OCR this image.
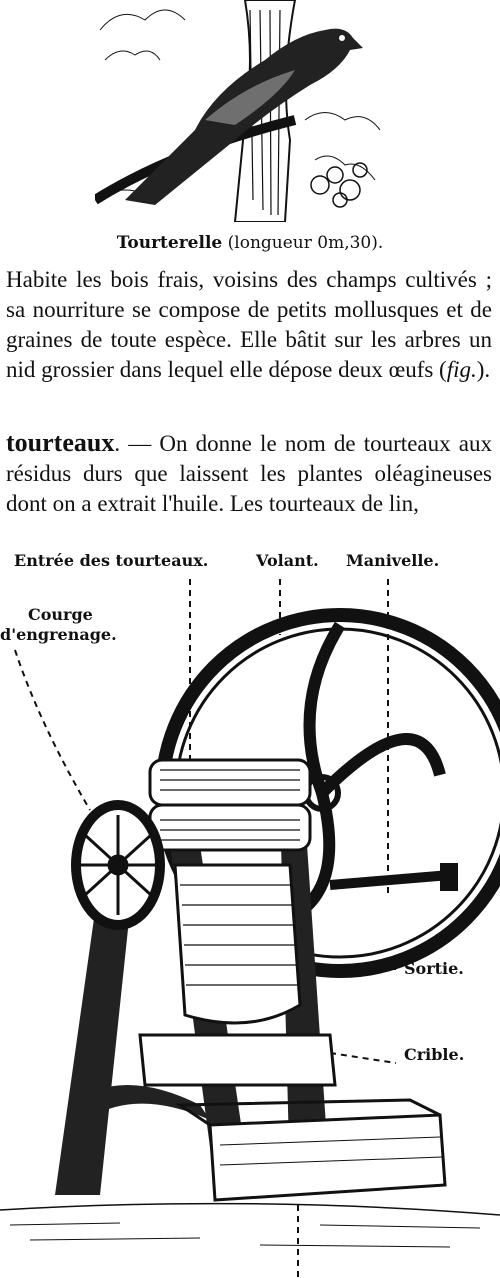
Tourterelle (longueur 0m,30).
Habite les bois frais, voisins des champs cultivés ; sa nourriture se compose de petits mollusques et de graines de toute espèce. Elle bâtit sur les arbres un nid grossier dans lequel elle dépose deux œufs (fig.).
tourteaux. — On donne le nom de tourteaux aux résidus durs que laissent les plantes oléagineuses dont on a extrait l'huile. Les tourteaux de lin,
Entrée des tourteaux.	Volant. Manivelle.
Courge
d'engrenage.
Sortie.
Crible.
